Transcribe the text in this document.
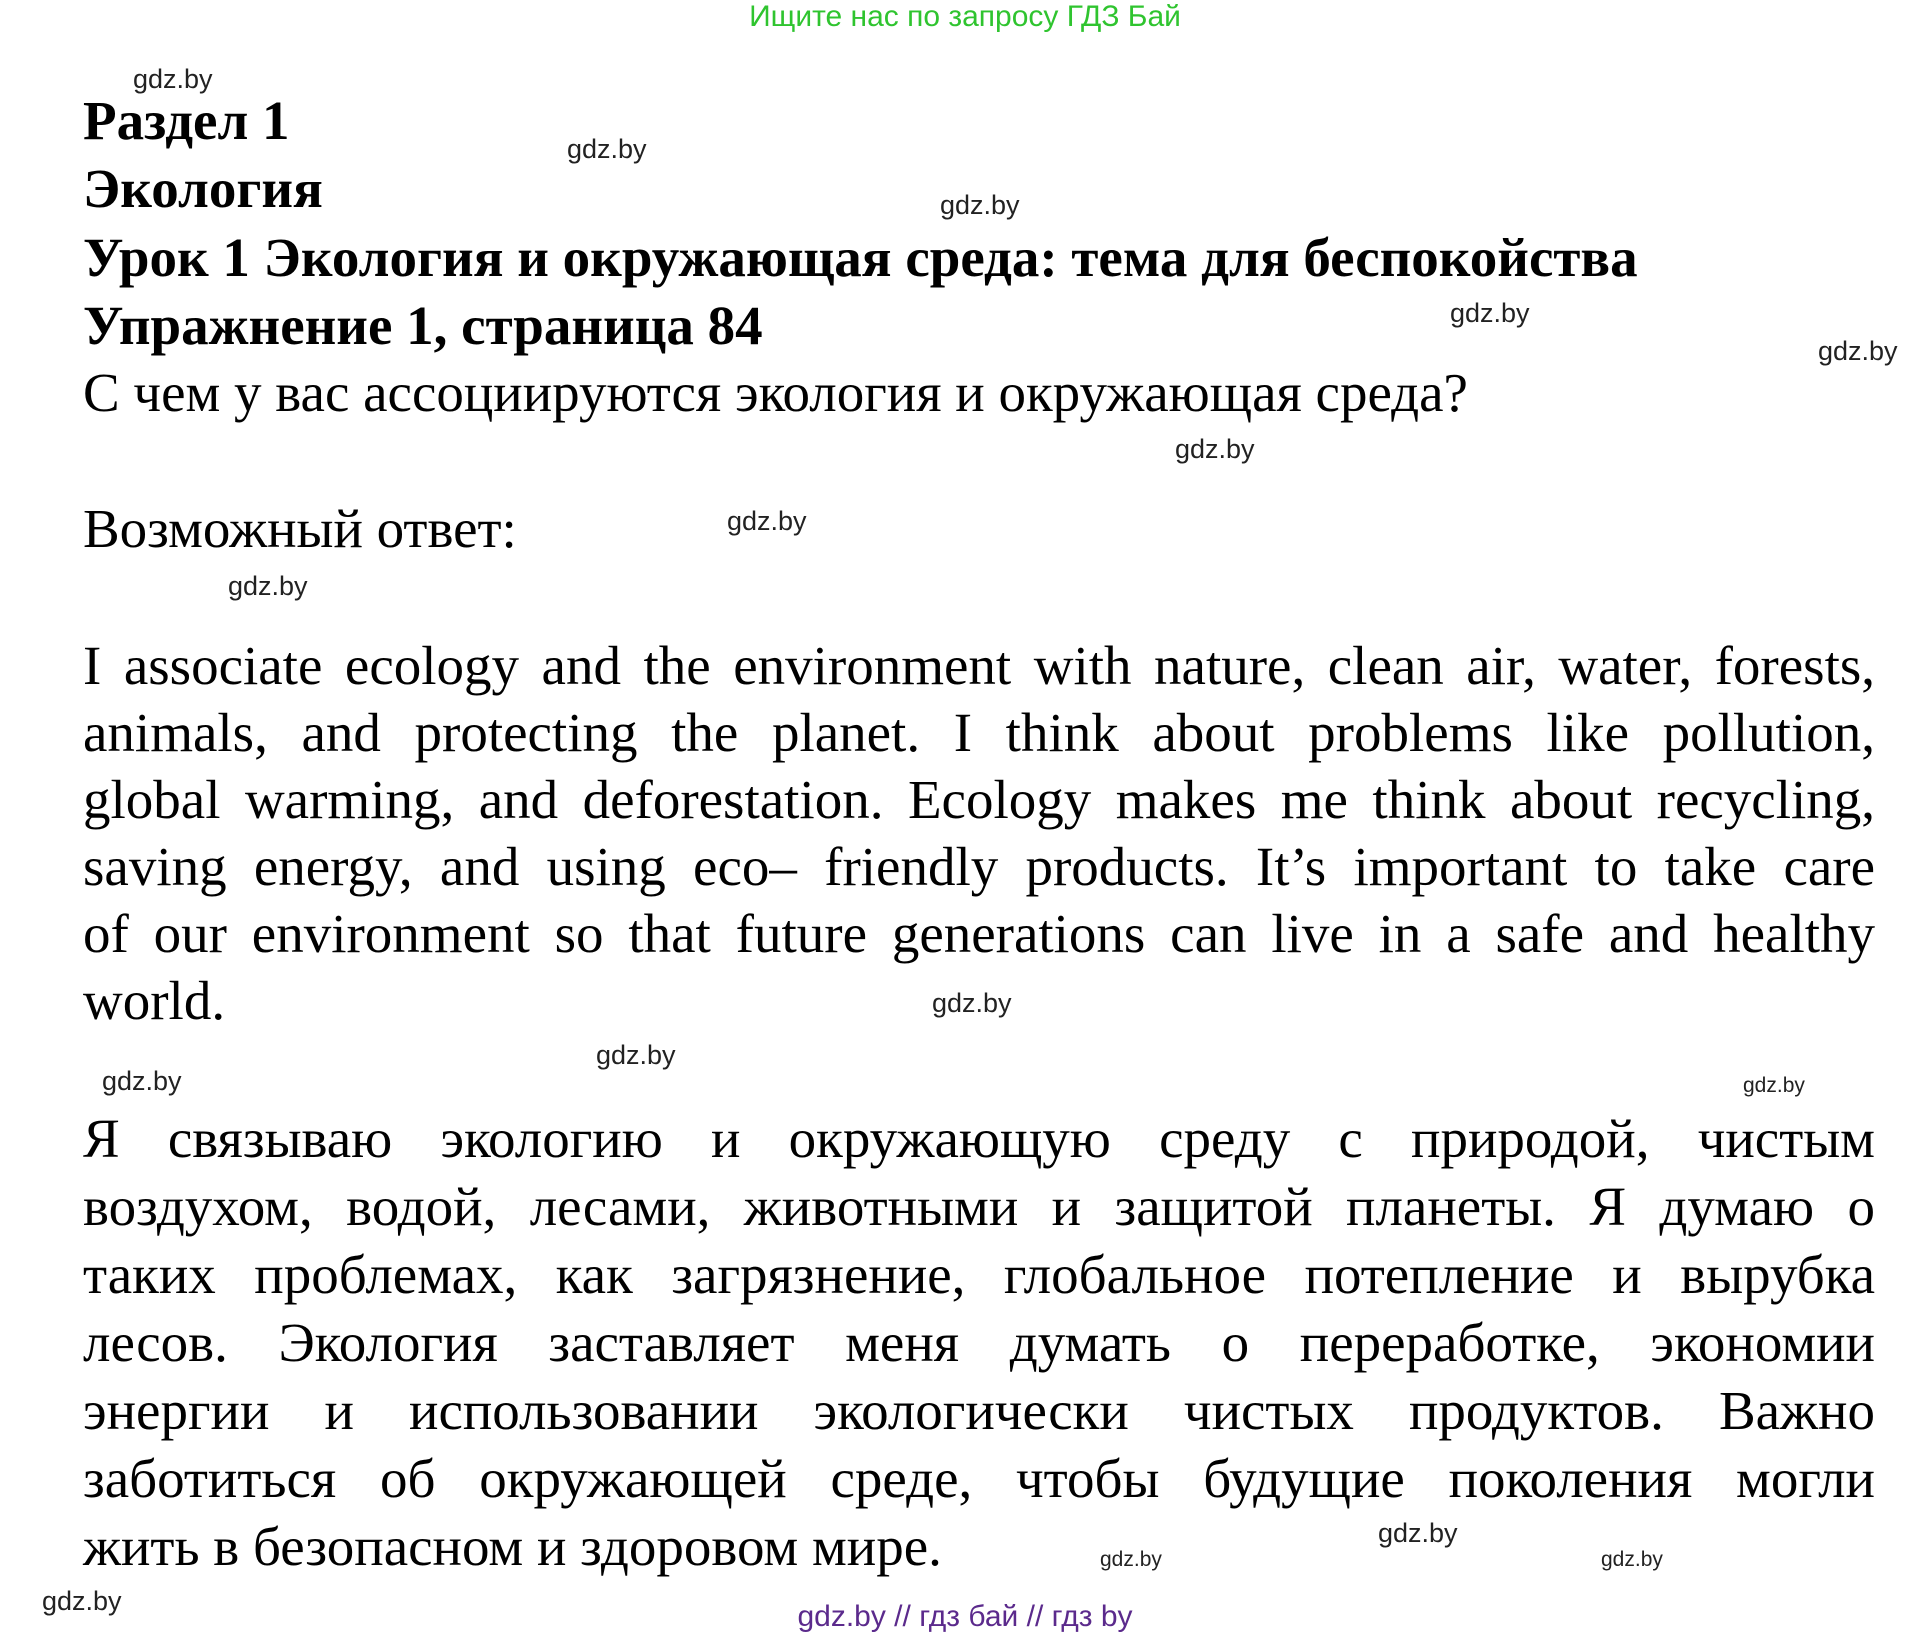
Ищите нас по запросу ГДЗ Бай
Раздел 1
Экология
Урок 1 Экология и окружающая среда: тема для беспокойства
Упражнение 1, страница 84
С чем у вас ассоциируются экология и окружающая среда?
Возможный ответ:
I associate ecology and the environment with nature, clean air, water, forests,
animals, and protecting the planet. I think about problems like pollution,
global warming, and deforestation. Ecology makes me think about recycling,
saving energy, and using eco– friendly products. It’s important to take care
of our environment so that future generations can live in a safe and healthy
world.
Я связываю экологию и окружающую среду с природой, чистым
воздухом, водой, лесами, животными и защитой планеты. Я думаю о
таких проблемах, как загрязнение, глобальное потепление и вырубка
лесов. Экология заставляет меня думать о переработке, экономии
энергии и использовании экологически чистых продуктов. Важно
заботиться об окружающей среде, чтобы будущие поколения могли
жить в безопасном и здоровом мире.
gdz.by
gdz.by
gdz.by
gdz.by
gdz.by
gdz.by
gdz.by
gdz.by
gdz.by
gdz.by
gdz.by	gdz.by
gdz.by	gdz.by
gdz.by
gdz.by	gdz.by // гдз бай // гдз by
